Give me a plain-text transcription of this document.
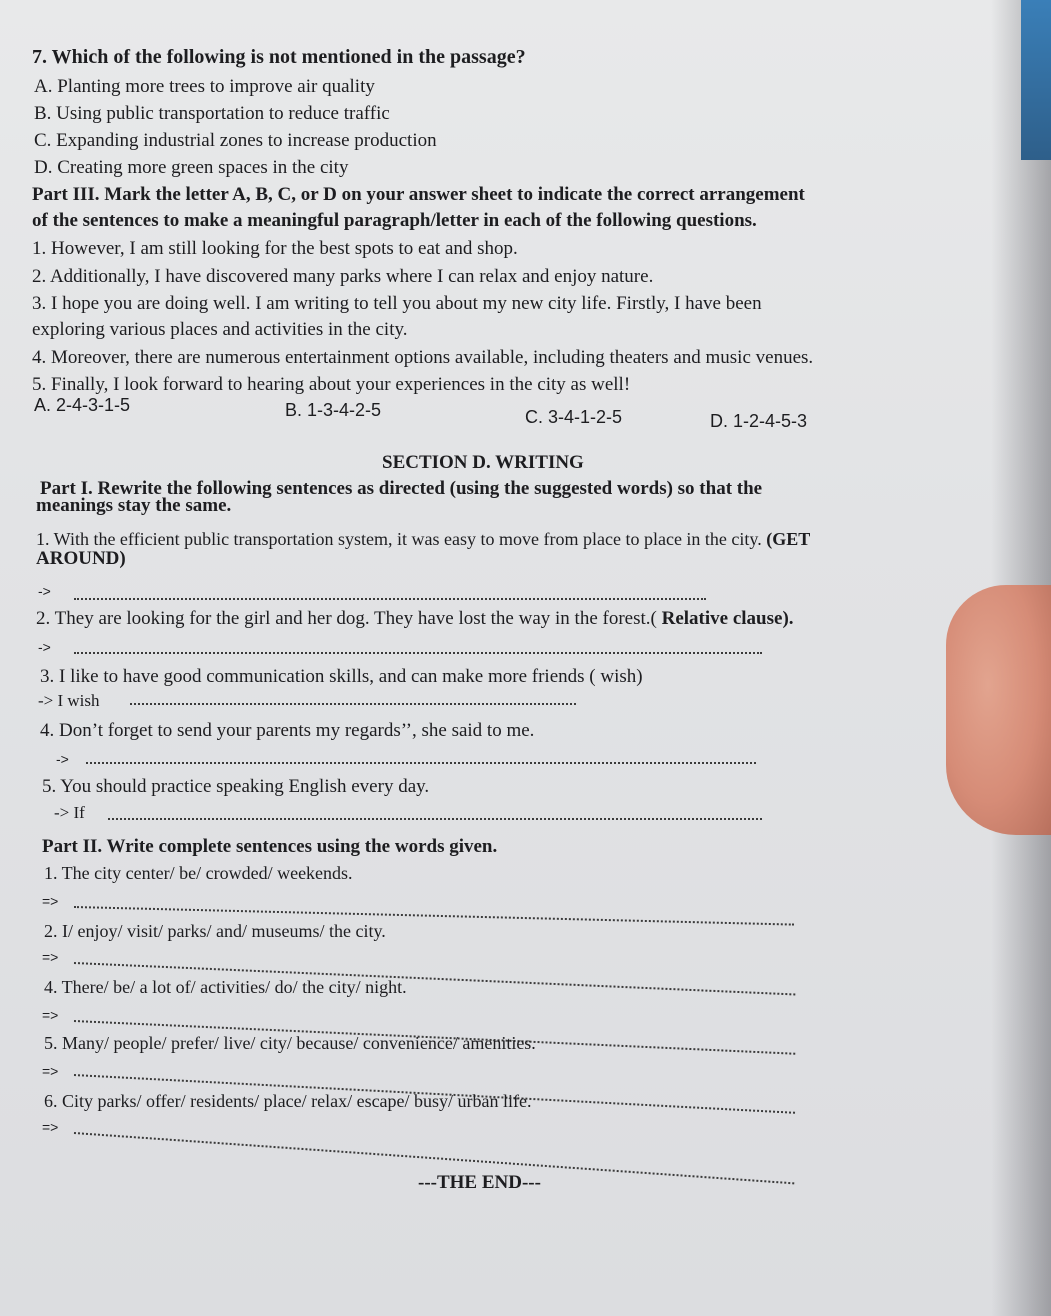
7. Which of the following is not mentioned in the passage?
A. Planting more trees to improve air quality
B. Using public transportation to reduce traffic
C. Expanding industrial zones to increase production
D. Creating more green spaces in the city
Part III. Mark the letter A, B, C, or D on your answer sheet to indicate the correct arrangement
of the sentences to make a meaningful paragraph/letter in each of the following questions.
1. However, I am still looking for the best spots to eat and shop.
2. Additionally, I have discovered many parks where I can relax and enjoy nature.
3. I hope you are doing well. I am writing to tell you about my new city life. Firstly, I have been
exploring various places and activities in the city.
4. Moreover, there are numerous entertainment options available, including theaters and music venues.
5. Finally, I look forward to hearing about your experiences in the city as well!
A. 2-4-3-1-5	B. 1-3-4-2-5	C. 3-4-1-2-5	D. 1-2-4-5-3
SECTION D. WRITING
Part I. Rewrite the following sentences as directed (using the suggested words) so that the
meanings stay the same.
1. With the efficient public transportation system, it was easy to move from place to place in the city. (GET
AROUND)
->
2. They are looking for the girl and her dog. They have lost the way in the forest.( Relative clause).
->
3. I like to have good communication skills, and can make more friends ( wish)
-> I wish
4. Don’t forget to send your parents my regards’’, she said to me.
->
5. You should practice speaking English every day.
-> If
Part II. Write complete sentences using the words given.
1. The city center/ be/ crowded/ weekends.
=>
2. I/ enjoy/ visit/ parks/ and/ museums/ the city.
=>
4. There/ be/ a lot of/ activities/ do/ the city/ night.
=>
5. Many/ people/ prefer/ live/ city/ because/ convenience/ amenities.
=>
6. City parks/ offer/ residents/ place/ relax/ escape/ busy/ urban life.
=>
---THE END---
